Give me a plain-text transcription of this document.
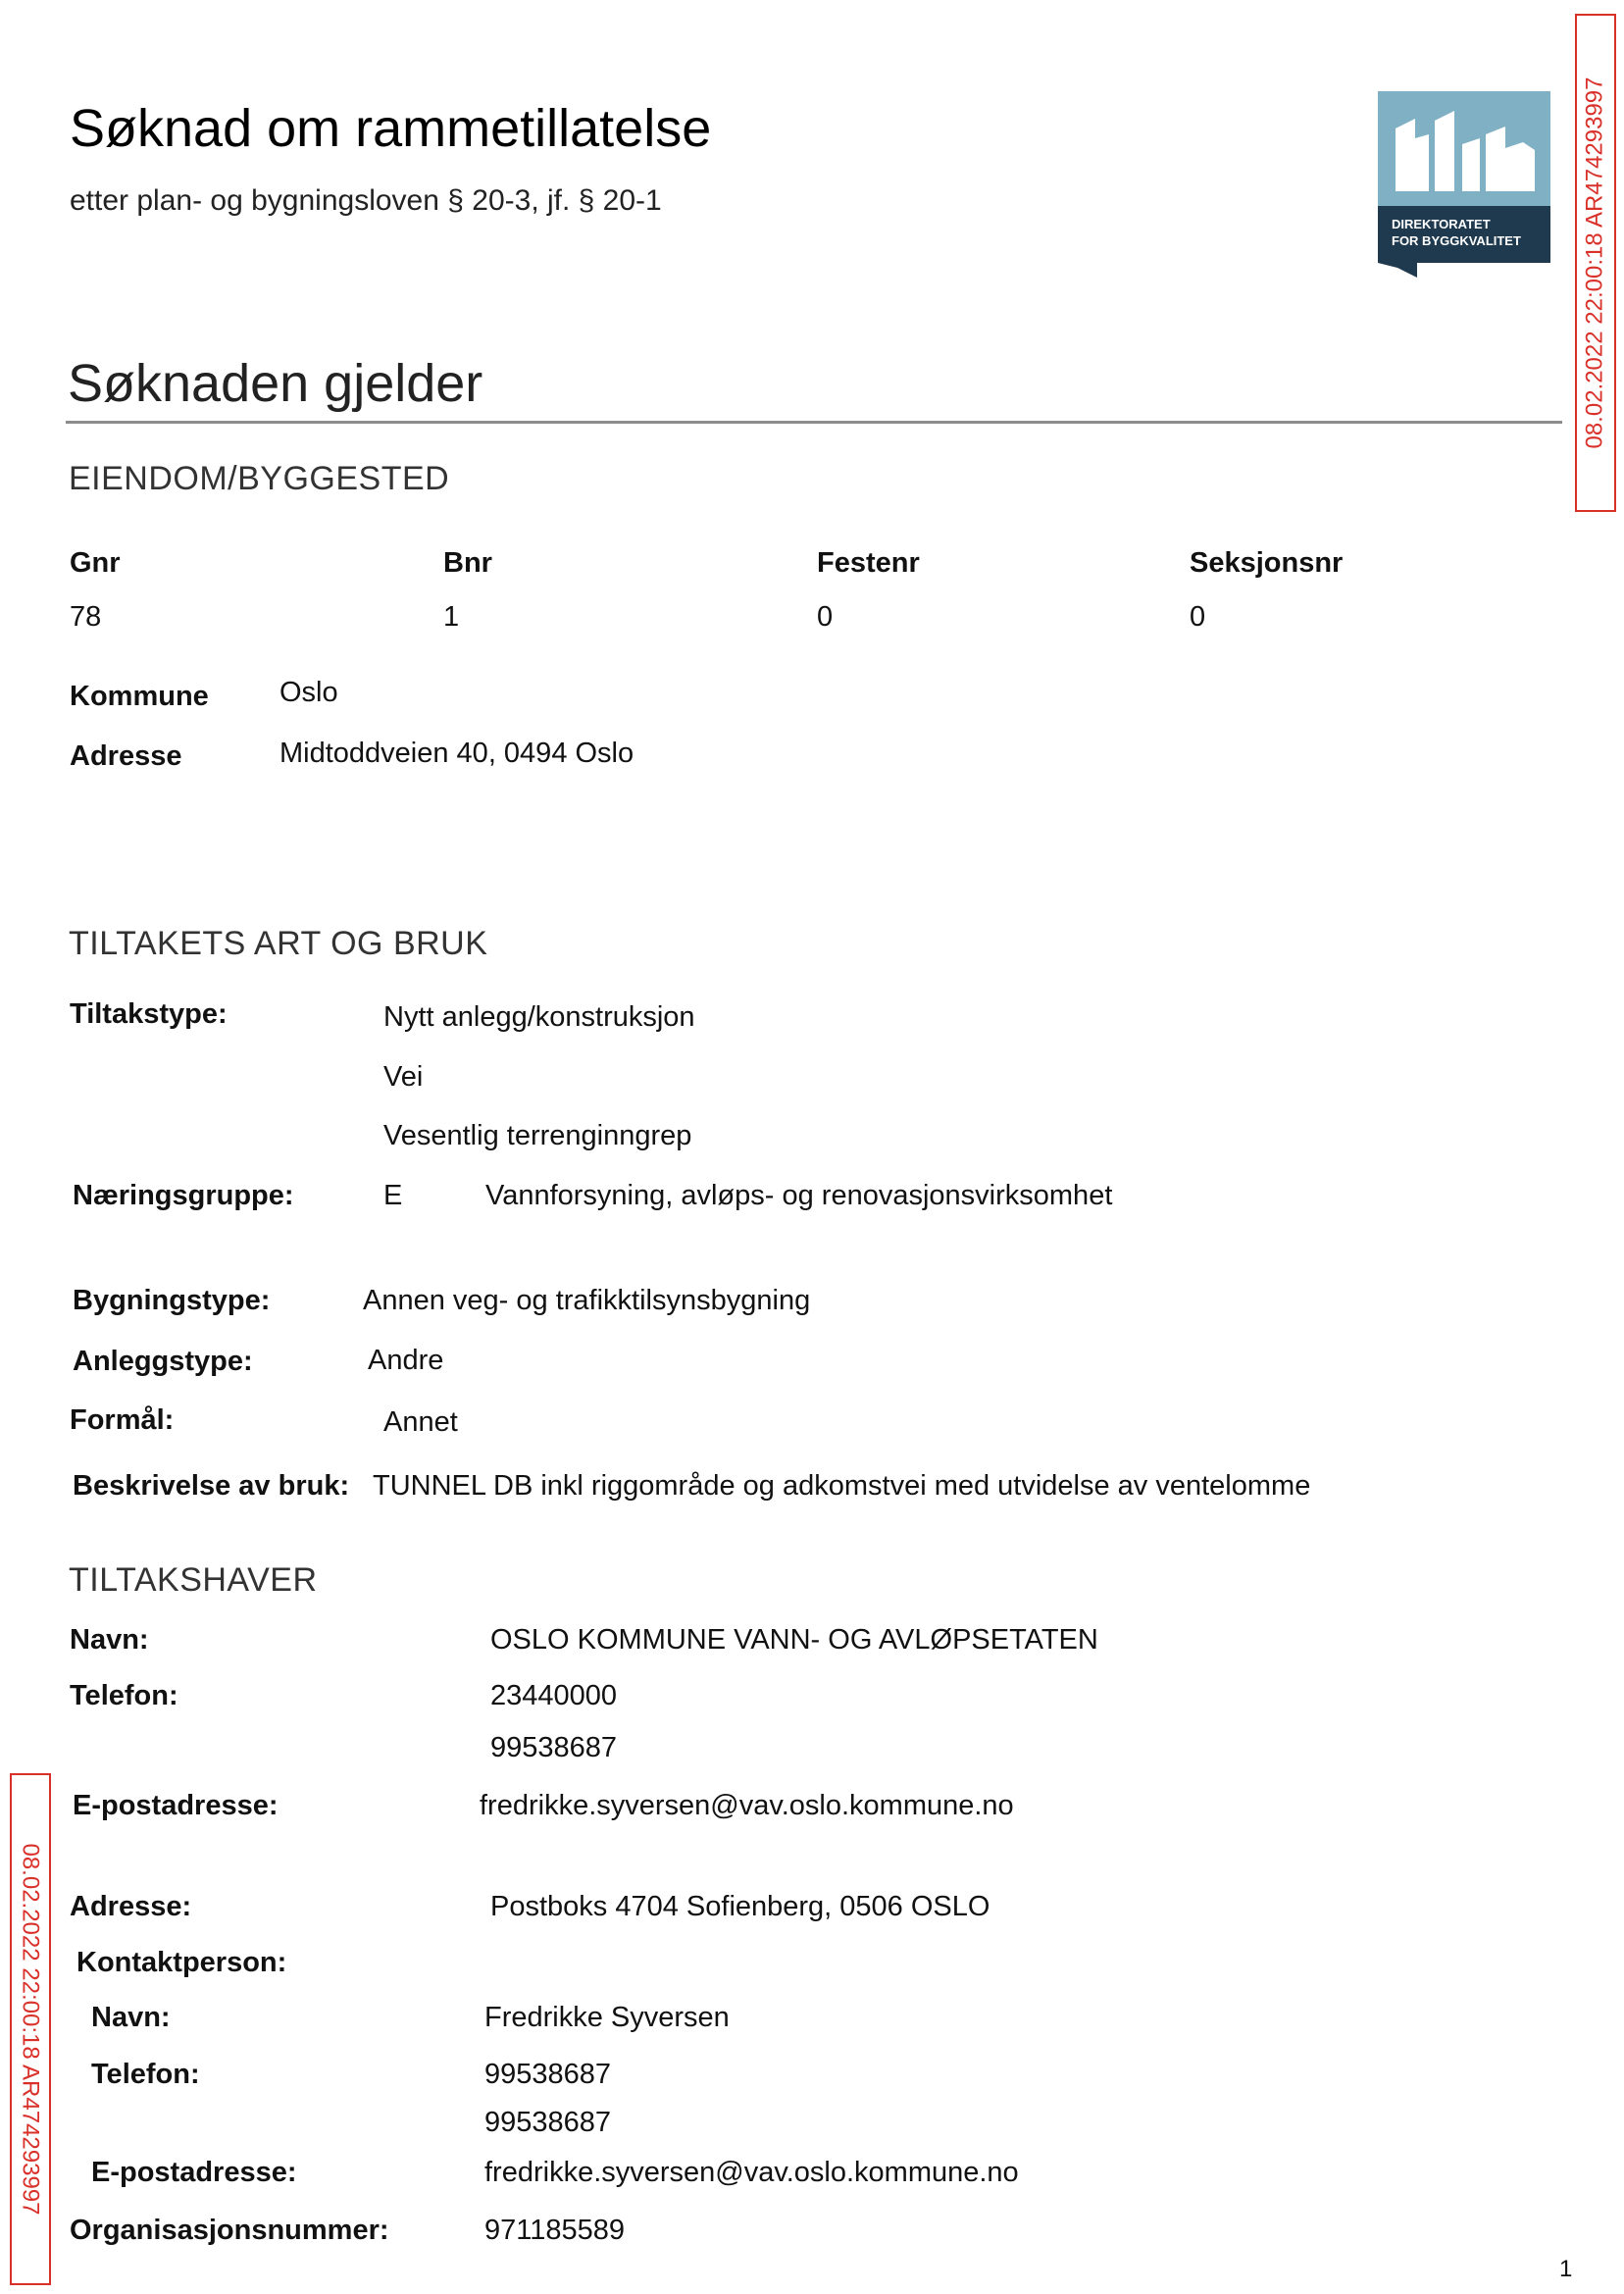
Søknad om rammetillatelse
etter plan- og bygningsloven § 20-3, jf. § 20-1
DIREKTORATET
FOR BYGGKVALITET	08.02.2022 22:00:18 AR474293997
08.02.2022 22:00:18 AR474293997
Søknaden gjelder
EIENDOM/BYGGESTED
Gnr	Bnr	Festenr	Seksjonsnr
78	1	0	0
Kommune Oslo
Adresse	Midtoddveien 40, 0494 Oslo
TILTAKETS ART OG BRUK
Tiltakstype:	Nytt anlegg/konstruksjon
Vei
Vesentlig terrenginngrep
Næringsgruppe:	E	Vannforsyning, avløps- og renovasjonsvirksomhet
Bygningstype:	Annen veg- og trafikktilsynsbygning
Anleggstype:	Andre
Formål:	Annet
Beskrivelse av bruk: TUNNEL DB inkl riggområde og adkomstvei med utvidelse av ventelomme
TILTAKSHAVER
Navn:	OSLO KOMMUNE VANN- OG AVLØPSETATEN
Telefon:	23440000
99538687
E-postadresse:	fredrikke.syversen@vav.oslo.kommune.no
Adresse:	Postboks 4704 Sofienberg, 0506 OSLO
Kontaktperson:
Navn:	Fredrikke Syversen
Telefon:	99538687
99538687
E-postadresse:	fredrikke.syversen@vav.oslo.kommune.no
Organisasjonsnummer:	971185589
1
